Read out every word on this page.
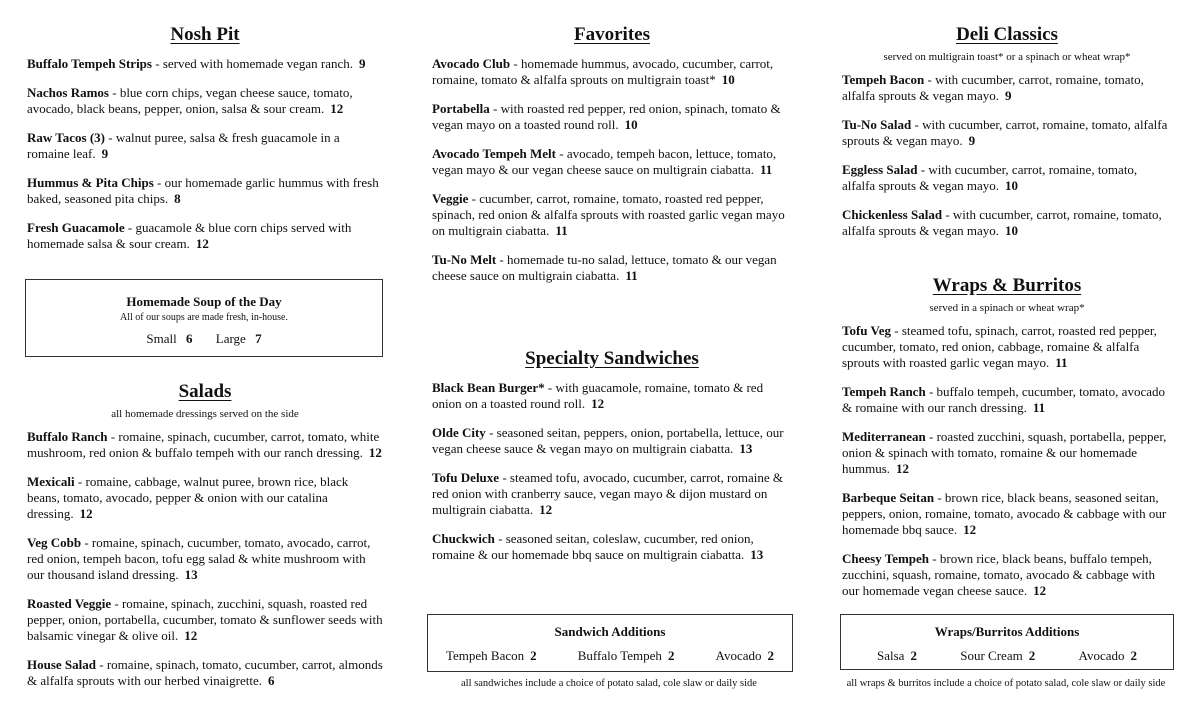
Nosh Pit
Buffalo Tempeh Strips - served with homemade vegan ranch. 9
Nachos Ramos - blue corn chips, vegan cheese sauce, tomato, avocado, black beans, pepper, onion, salsa & sour cream. 12
Raw Tacos (3) - walnut puree, salsa & fresh guacamole in a romaine leaf. 9
Hummus & Pita Chips - our homemade garlic hummus with fresh baked, seasoned pita chips. 8
Fresh Guacamole - guacamole & blue corn chips served with homemade salsa & sour cream. 12
Homemade Soup of the Day
All of our soups are made fresh, in-house.
Small 6 Large 7
Salads
all homemade dressings served on the side
Buffalo Ranch - romaine, spinach, cucumber, carrot, tomato, white mushroom, red onion & buffalo tempeh with our ranch dressing. 12
Mexicali - romaine, cabbage, walnut puree, brown rice, black beans, tomato, avocado, pepper & onion with our catalina dressing. 12
Veg Cobb - romaine, spinach, cucumber, tomato, avocado, carrot, red onion, tempeh bacon, tofu egg salad & white mushroom with our thousand island dressing. 13
Roasted Veggie - romaine, spinach, zucchini, squash, roasted red pepper, onion, portabella, cucumber, tomato & sunflower seeds with balsamic vinegar & olive oil. 12
House Salad - romaine, spinach, tomato, cucumber, carrot, almonds & alfalfa sprouts with our herbed vinaigrette. 6
Favorites
Avocado Club - homemade hummus, avocado, cucumber, carrot, romaine, tomato & alfalfa sprouts on multigrain toast* 10
Portabella - with roasted red pepper, red onion, spinach, tomato & vegan mayo on a toasted round roll. 10
Avocado Tempeh Melt - avocado, tempeh bacon, lettuce, tomato, vegan mayo & our vegan cheese sauce on multigrain ciabatta. 11
Veggie - cucumber, carrot, romaine, tomato, roasted red pepper, spinach, red onion & alfalfa sprouts with roasted garlic vegan mayo on multigrain ciabatta. 11
Tu-No Melt - homemade tu-no salad, lettuce, tomato & our vegan cheese sauce on multigrain ciabatta. 11
Specialty Sandwiches
Black Bean Burger* - with guacamole, romaine, tomato & red onion on a toasted round roll. 12
Olde City - seasoned seitan, peppers, onion, portabella, lettuce, our vegan cheese sauce & vegan mayo on multigrain ciabatta. 13
Tofu Deluxe - steamed tofu, avocado, cucumber, carrot, romaine & red onion with cranberry sauce, vegan mayo & dijon mustard on multigrain ciabatta. 12
Chuckwich - seasoned seitan, coleslaw, cucumber, red onion, romaine & our homemade bbq sauce on multigrain ciabatta. 13
Sandwich Additions
Tempeh Bacon 2	Buffalo Tempeh 2	Avocado 2
all sandwiches include a choice of potato salad, cole slaw or daily side
Deli Classics
served on multigrain toast* or a spinach or wheat wrap*
Tempeh Bacon - with cucumber, carrot, romaine, tomato, alfalfa sprouts & vegan mayo. 9
Tu-No Salad - with cucumber, carrot, romaine, tomato, alfalfa sprouts & vegan mayo. 9
Eggless Salad - with cucumber, carrot, romaine, tomato, alfalfa sprouts & vegan mayo. 10
Chickenless Salad - with cucumber, carrot, romaine, tomato, alfalfa sprouts & vegan mayo. 10
Wraps & Burritos
served in a spinach or wheat wrap*
Tofu Veg - steamed tofu, spinach, carrot, roasted red pepper, cucumber, tomato, red onion, cabbage, romaine & alfalfa sprouts with roasted garlic vegan mayo. 11
Tempeh Ranch - buffalo tempeh, cucumber, tomato, avocado & romaine with our ranch dressing. 11
Mediterranean - roasted zucchini, squash, portabella, pepper, onion & spinach with tomato, romaine & our homemade hummus. 12
Barbeque Seitan - brown rice, black beans, seasoned seitan, peppers, onion, romaine, tomato, avocado & cabbage with our homemade bbq sauce. 12
Cheesy Tempeh - brown rice, black beans, buffalo tempeh, zucchini, squash, romaine, tomato, avocado & cabbage with our homemade vegan cheese sauce. 12
Wraps/Burritos Additions
Salsa 2	Sour Cream 2	Avocado 2
all wraps & burritos include a choice of potato salad, cole slaw or daily side
